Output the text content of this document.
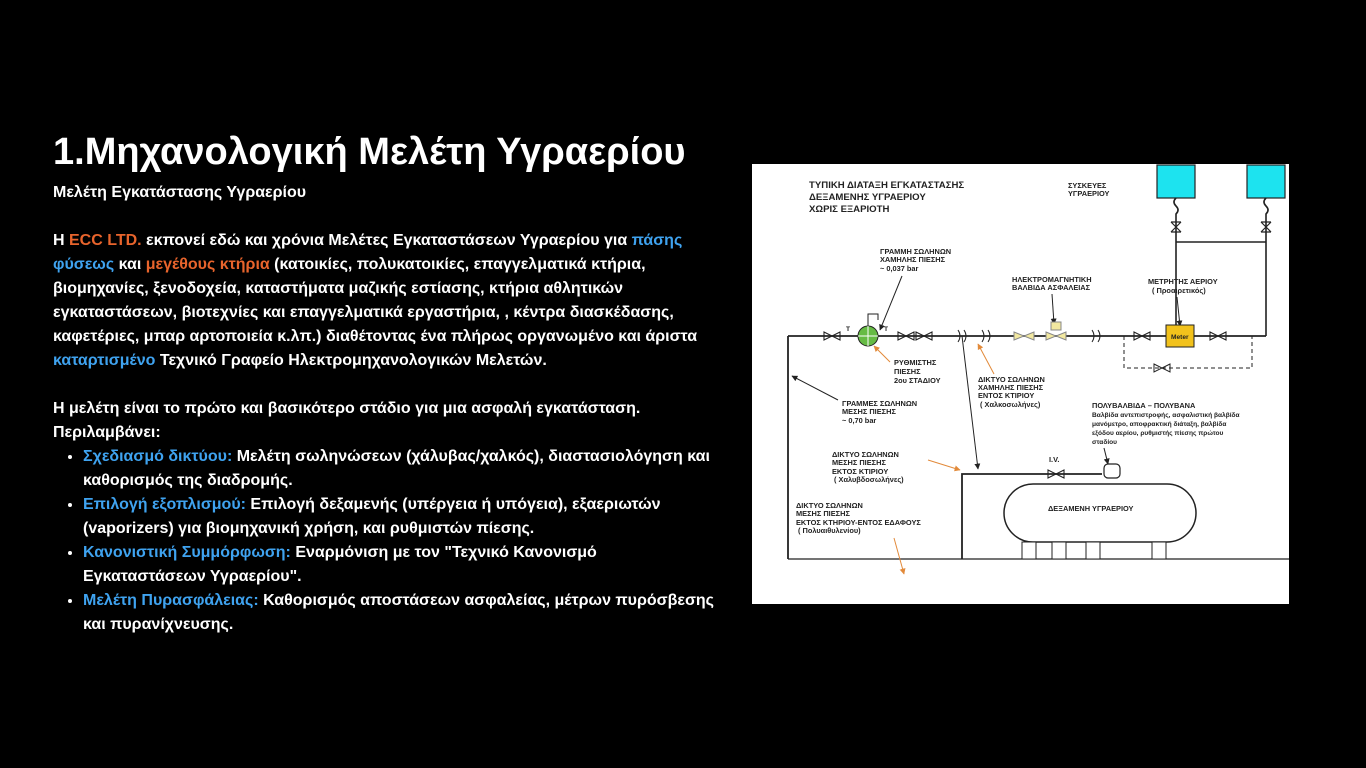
1.Μηχανολογική Μελέτη Υγραερίου

Μελέτη Εγκατάστασης Υγραερίου

Η ECC LTD. εκπονεί εδώ και χρόνια Μελέτες Εγκαταστάσεων Υγραερίου για πάσης φύσεως και μεγέθους κτήρια (κατοικίες, πολυκατοικίες, επαγγελματικά κτήρια, βιομηχανίες, ξενοδοχεία, καταστήματα μαζικής εστίασης, κτήρια αθλητικών εγκαταστάσεων, βιοτεχνίες και επαγγελματικά εργαστήρια, , κέντρα διασκέδασης, καφετέριες, μπαρ αρτοποιεία κ.λπ.) διαθέτοντας ένα πλήρως οργανωμένο και άριστα καταρτισμένο Τεχνικό Γραφείο Ηλεκτρομηχανολογικών Μελετών.

Η μελέτη είναι το πρώτο και βασικότερο στάδιο για μια ασφαλή εγκατάσταση.

Περιλαμβάνει:

• Σχεδιασμό δικτύου: Μελέτη σωληνώσεων (χάλυβας/χαλκός), διαστασιολόγηση και καθορισμός της διαδρομής.
• Επιλογή εξοπλισμού: Επιλογή δεξαμενής (υπέργεια ή υπόγεια), εξαεριωτών (vaporizers) για βιομηχανική χρήση, και ρυθμιστών πίεσης.
• Κανονιστική Συμμόρφωση: Εναρμόνιση με τον "Τεχνικό Κανονισμό Εγκαταστάσεων Υγραερίου".
• Μελέτη Πυρασφάλειας: Καθορισμός αποστάσεων ασφαλείας, μέτρων πυρόσβεσης και πυρανίχνευσης.
ΤΥΠΙΚΗ ΔΙΑΤΑΞΗ ΕΓΚΑΤΑΣΤΑΣΗΣ
ΔΕΞΑΜΕΝΗΣ ΥΓΡΑΕΡΙΟΥ
ΧΩΡΙΣ ΕΞΑΡΙΟΤΗ
ΣΥΣΚΕΥΕΣ
ΥΓΡΑΕΡΙΟΥ
ΓΡΑΜΜΗ ΣΩΛΗΝΩΝ
ΧΑΜΗΛΗΣ ΠΙΕΣΗΣ
~ 0,037 bar
ΗΛΕΚΤΡΟΜΑΓΝΗΤΙΚΗ
ΒΑΛΒΙΔΑ ΑΣΦΑΛΕΙΑΣ
ΜΕΤΡΗΤΗΣ ΑΕΡΙΟΥ
( Προαιρετικός)
T	T
Meter
ΡΥΘΜΙΣΤΗΣ
ΠΙΕΣΗΣ
2ου ΣΤΑΔΙΟΥ	ΔΙΚΤΥΟ ΣΩΛΗΝΩΝ
ΧΑΜΗΛΗΣ ΠΙΕΣΗΣ
ΕΝΤΟΣ ΚΤΙΡΙΟΥ
( Χαλκοσωλήνες)
ΓΡΑΜΜΕΣ ΣΩΛΗΝΩΝ
ΜΕΣΗΣ ΠΙΕΣΗΣ
~ 0,70 bar
ΠΟΛΥΒΑΛΒΙΔΑ – ΠΟΛΥΒΑΝΑ
Βαλβίδα αντεπιστροφής, ασφαλιστική βαλβίδα
μανόμετρο, αποφρακτική διάταξη, βαλβίδα
εξόδου αερίου, ρυθμιστής πίεσης πρώτου
σταδίου
ΔΙΚΤΥΟ ΣΩΛΗΝΩΝ
ΜΕΣΗΣ ΠΙΕΣΗΣ
ΕΚΤΟΣ ΚΤΙΡΙΟΥ
( Χαλυβδοσωλήνες)
I.V.
ΔΕΞΑΜΕΝΗ ΥΓΡΑΕΡΙΟΥ
ΔΙΚΤΥΟ ΣΩΛΗΝΩΝ
ΜΕΣΗΣ ΠΙΕΣΗΣ
ΕΚΤΟΣ ΚΤΗΡΙΟΥ-ΕΝΤΟΣ ΕΔΑΦΟΥΣ
( Πολυαιθυλενίου)
